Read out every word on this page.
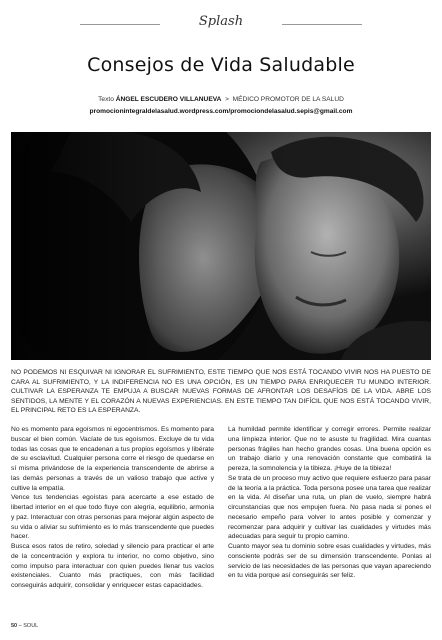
Splash
Consejos de Vida Saludable
Texto ÁNGEL ESCUDERO VILLANUEVA > MÉDICO PROMOTOR DE LA SALUD
promocionintegraldelasalud.wordpress.com/promociondelasalud.sepis@gmail.com
NO PODEMOS NI ESQUIVAR NI IGNORAR EL SUFRIMIENTO, ESTE TIEMPO QUE NOS ESTÁ TOCANDO VIVIR NOS HA PUESTO DE CARA AL SUFRIMIENTO, Y LA INDIFERENCIA NO ES UNA OPCIÓN, ES UN TIEMPO PARA ENRIQUECER TU MUNDO INTERIOR. CULTIVAR LA ESPERANZA TE EMPUJA A BUSCAR NUEVAS FORMAS DE AFRONTAR LOS DESAFÍOS DE LA VIDA. ABRE LOS SENTIDOS, LA MENTE Y EL CORAZÓN A NUEVAS EXPERIENCIAS. EN ESTE TIEMPO TAN DIFÍCIL QUE NOS ESTÁ TOCANDO VIVIR, EL PRINCIPAL RETO ES LA ESPERANZA.

No es momento para egoísmos ni egocentrismos. Es momento para buscar el bien común. Vacíate de tus egoísmos. Excluye de tu vida todas las cosas que te encadenan a tus propios egoísmos y libérate de su esclavitud. Cualquier persona corre el riesgo de quedarse en sí misma privándose de la experiencia transcendente de abrirse a las demás personas a través de un valioso trabajo que active y cultive la empatía.

Vence tus tendencias egoístas para acercarte a ese estado de libertad interior en el que todo fluye con alegría, equilibrio, armonía y paz. Interactuar con otras personas para mejorar algún aspecto de su vida o aliviar su sufrimiento es lo más transcendente que puedes hacer.

Busca esos ratos de retiro, soledad y silencio para practicar el arte de la concentración y explora tu interior, no como objetivo, sino como impulso para interactuar con quien puedes llenar tus vacíos existenciales. Cuanto más practiques, con más facilidad conseguirás adquirir, consolidar y enriquecer estas capacidades.

La humildad permite identificar y corregir errores. Permite realizar una limpieza interior. Que no te asuste tu fragilidad. Mira cuantas personas frágiles han hecho grandes cosas. Una buena opción es un trabajo diario y una renovación constante que combatirá la pereza, la somnolencia y la tibieza. ¡Huye de la tibieza!

Se trata de un proceso muy activo que requiere esfuerzo para pasar de la teoría a la práctica. Toda persona posee una tarea que realizar en la vida. Al diseñar una ruta, un plan de vuelo, siempre habrá circunstancias que nos empujen fuera. No pasa nada si pones el necesario empeño para volver lo antes posible y comenzar y recomenzar para adquirir y cultivar las cualidades y virtudes más adecuadas para seguir tu propio camino.

Cuanto mayor sea tu dominio sobre esas cualidades y virtudes, más consciente podrás ser de su dimensión transcendente. Ponlas al servicio de las necesidades de las personas que vayan apareciendo en tu vida porque así conseguirás ser feliz.

50 – SOUL
